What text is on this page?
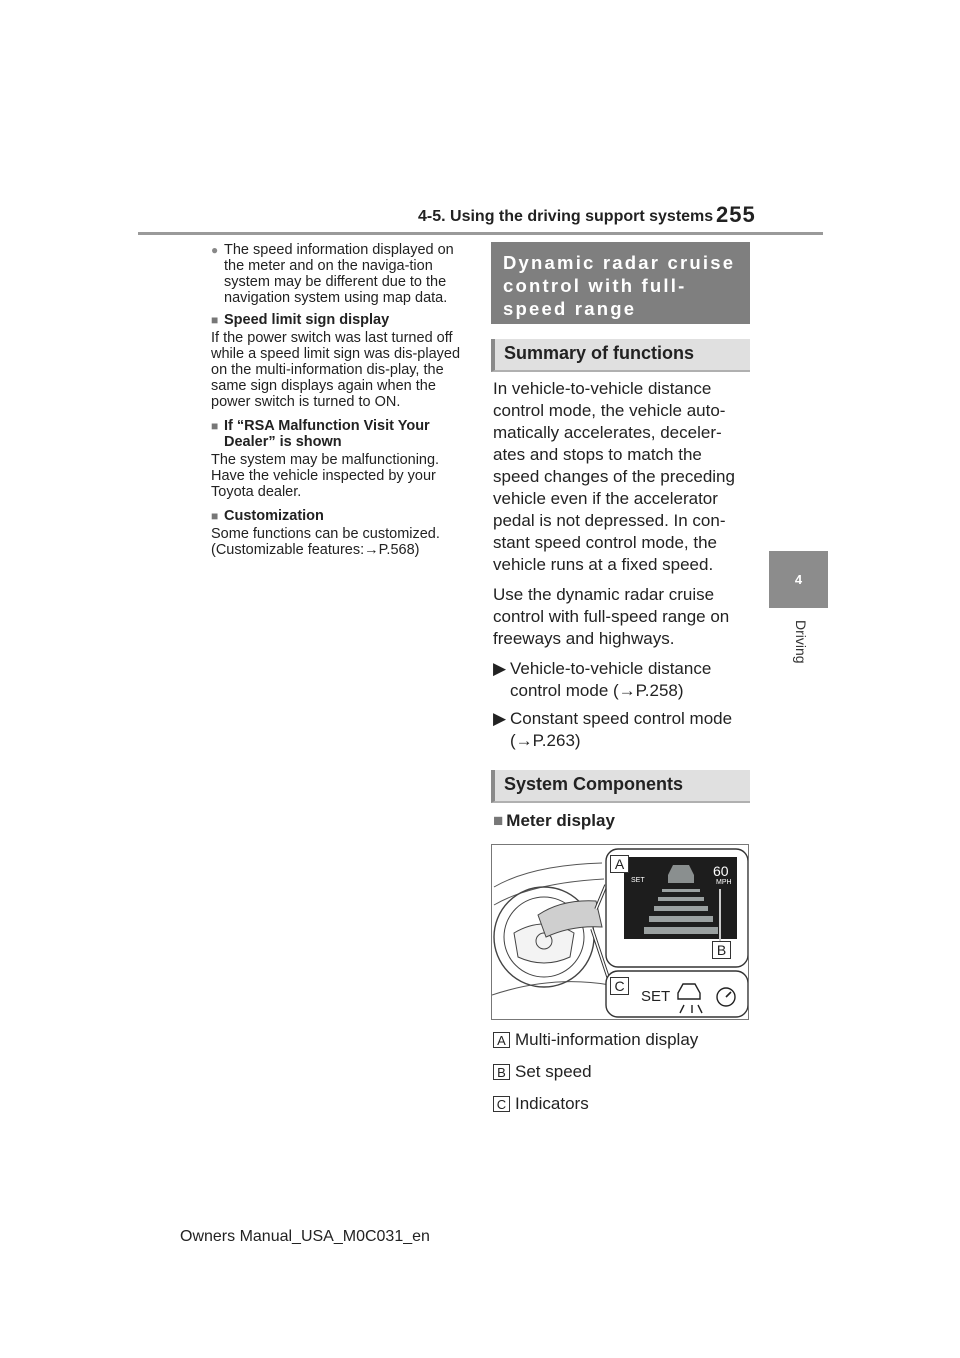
4-5. Using the driving support systems 255
4
Driving
● The speed information displayed on the meter and on the naviga-tion system may be different due to the navigation system using map data.
■ Speed limit sign display
If the power switch was last turned off while a speed limit sign was dis-played on the multi-information dis-play, the same sign displays again when the power switch is turned to ON.
■ If “RSA Malfunction Visit Your Dealer” is shown
The system may be malfunctioning. Have the vehicle inspected by your Toyota dealer.
■ Customization
Some functions can be customized. (Customizable features:→P.568)
Dynamic radar cruise control with full-speed range
Summary of functions

In vehicle-to-vehicle distance control mode, the vehicle auto-matically accelerates, deceler-ates and stops to match the speed changes of the preceding vehicle even if the accelerator pedal is not depressed. In con-stant speed control mode, the vehicle runs at a fixed speed.

Use the dynamic radar cruise control with full-speed range on freeways and highways.

▶ Vehicle-to-vehicle distance control mode (→P.258)
▶ Constant speed control mode (→P.263)
System Components
■ Meter display
60
MPH
SET
SET
A
B
C
A Multi-information display
B Set speed
C Indicators
Owners Manual_USA_M0C031_en
